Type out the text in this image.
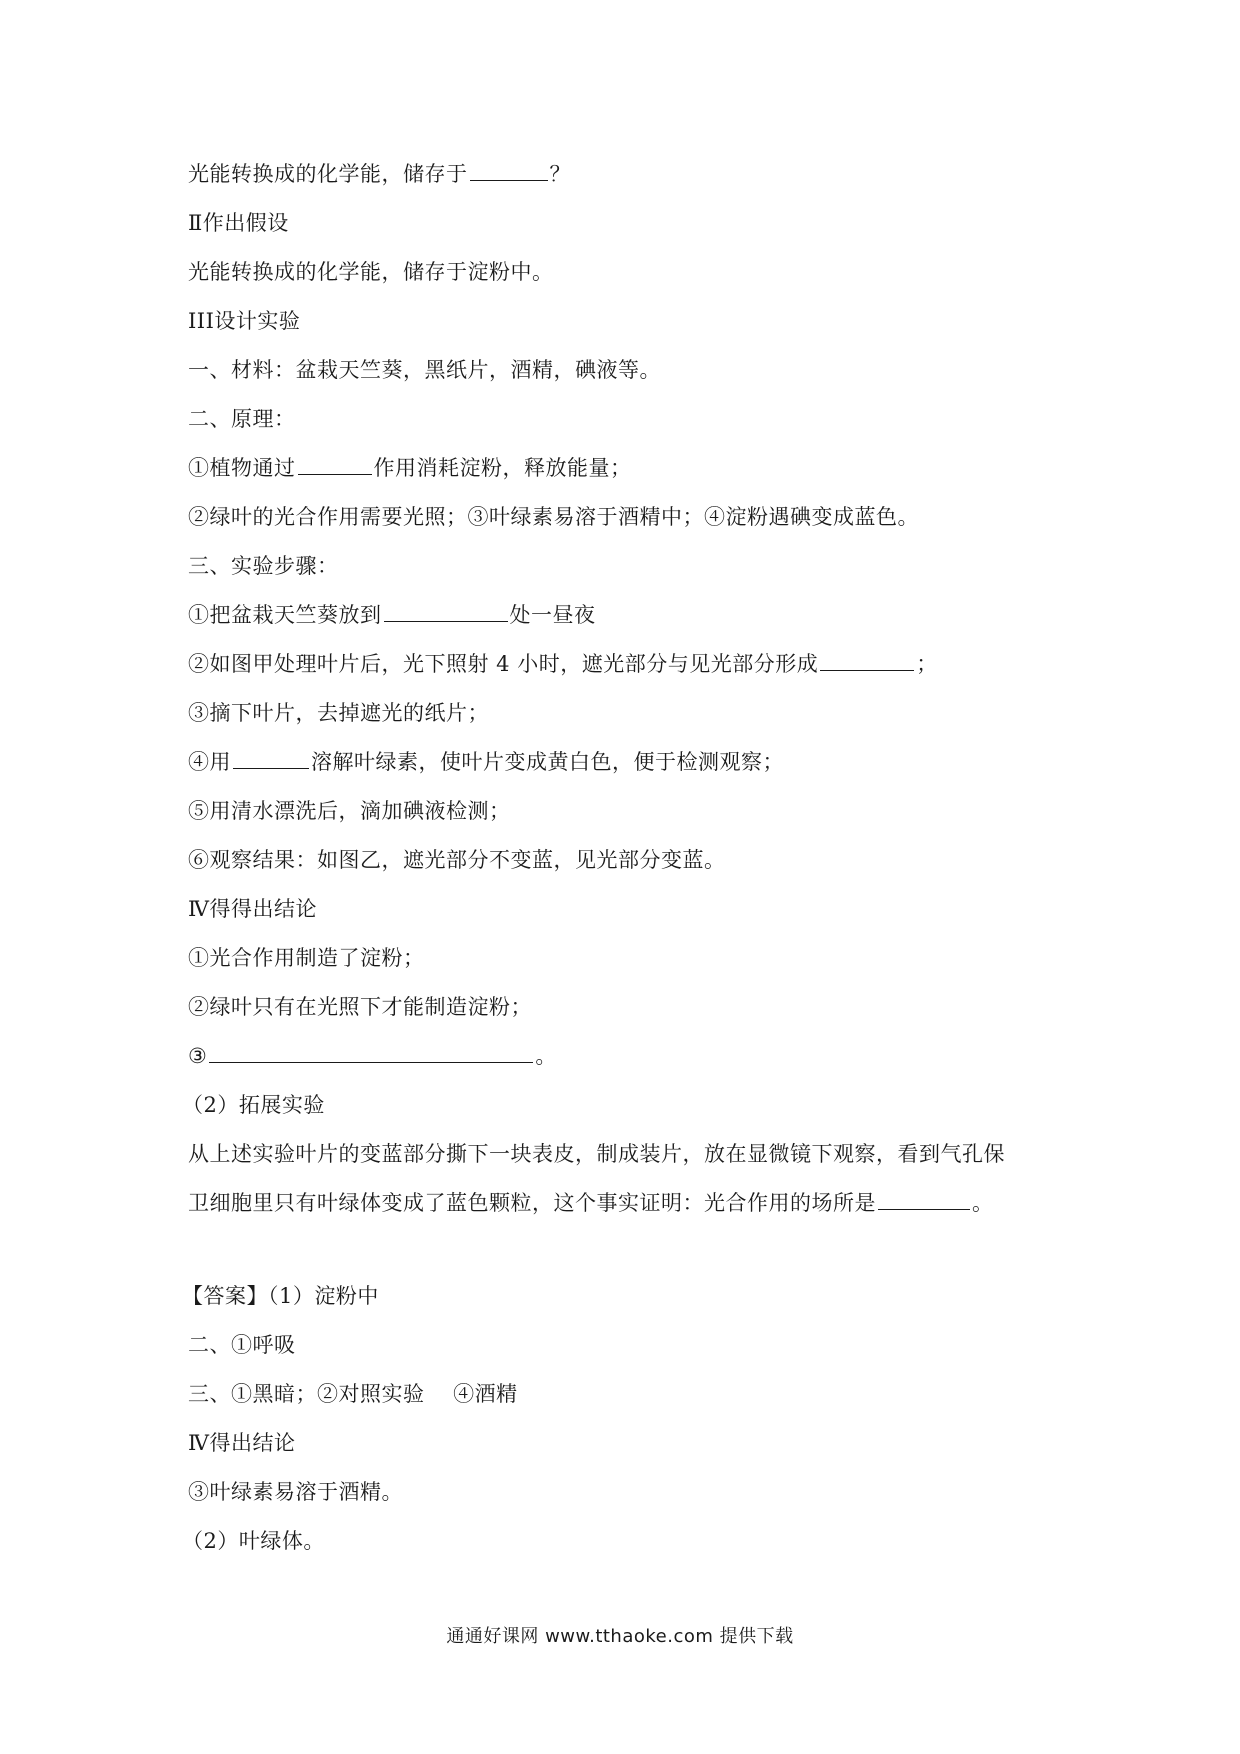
光能转换成的化学能，储存于	？
Ⅱ作出假设
光能转换成的化学能，储存于淀粉中。
III设计实验
一、材料：盆栽天竺葵，黑纸片，酒精，碘液等。
二、原理：
①植物通过	作用消耗淀粉，释放能量；
②绿叶的光合作用需要光照；③叶绿素易溶于酒精中；④淀粉遇碘变成蓝色。
三、实验步骤：
①把盆栽天竺葵放到	处一昼夜
②如图甲处理叶片后，光下照射 4 小时，遮光部分与见光部分形成	；
③摘下叶片，去掉遮光的纸片；
④用	溶解叶绿素，使叶片变成黄白色，便于检测观察；
⑤用清水漂洗后，滴加碘液检测；
⑥观察结果：如图乙，遮光部分不变蓝，见光部分变蓝。
Ⅳ得得出结论
①光合作用制造了淀粉；
②绿叶只有在光照下才能制造淀粉；
③	。
（2）拓展实验
从上述实验叶片的变蓝部分撕下一块表皮，制成装片，放在显微镜下观察，看到气孔保
卫细胞里只有叶绿体变成了蓝色颗粒，这个事实证明：光合作用的场所是	。
【答案】（1）淀粉中
二、①呼吸
三、①黑暗；②对照实验　 ④酒精
Ⅳ得出结论
③叶绿素易溶于酒精。
（2）叶绿体。
通通好课网 www.tthaoke.com 提供下载
